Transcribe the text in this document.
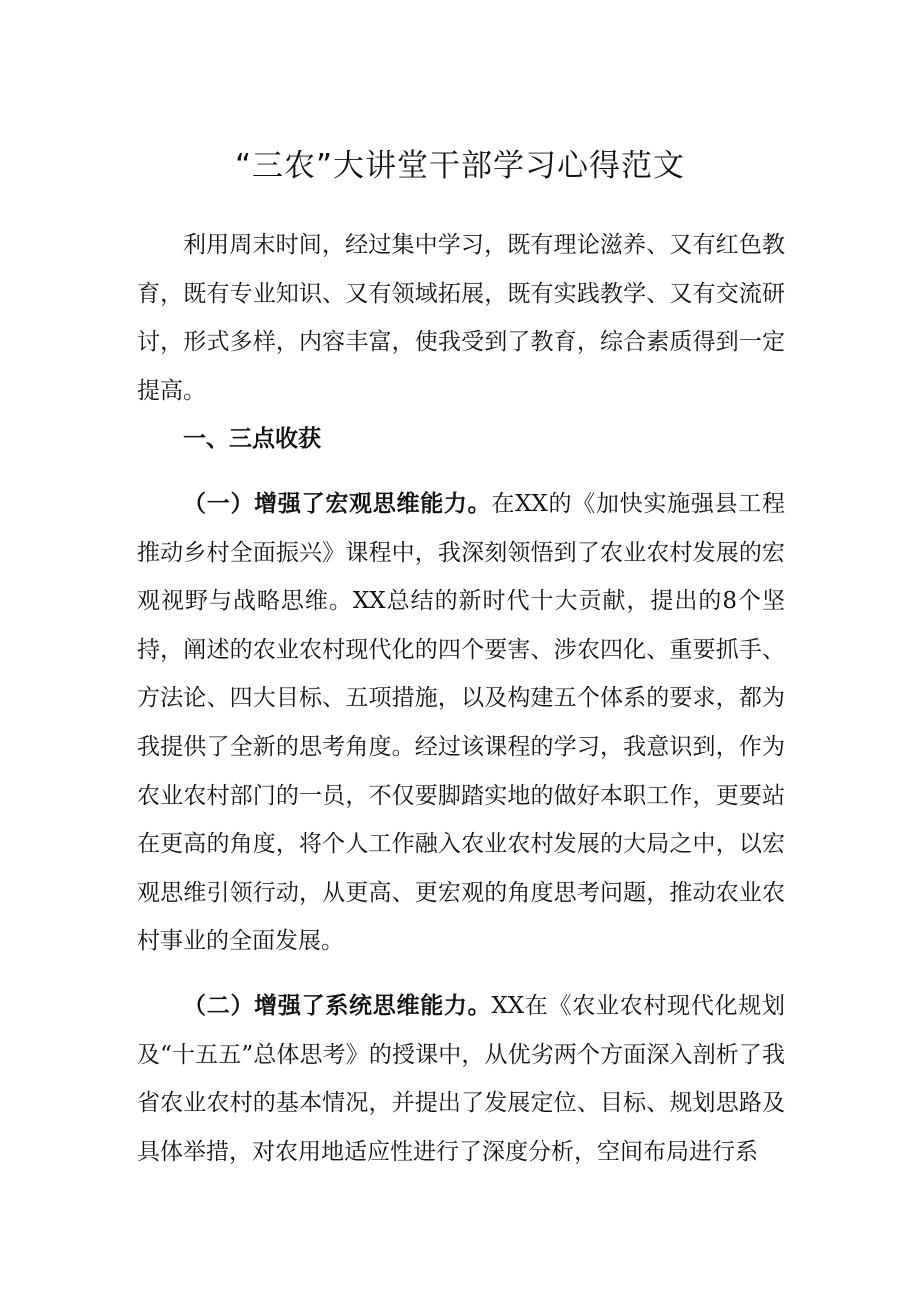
“三农”大讲堂干部学习心得范文

利用周末时间，经过集中学习，既有理论滋养、又有红色教育，既有专业知识、又有领域拓展，既有实践教学、又有交流研讨，形式多样，内容丰富，使我受到了教育，综合素质得到一定提高。

一、三点收获

（一）增强了宏观思维能力。在XX的《加快实施强县工程推动乡村全面振兴》课程中，我深刻领悟到了农业农村发展的宏观视野与战略思维。XX总结的新时代十大贡献，提出的8个坚持，阐述的农业农村现代化的四个要害、涉农四化、重要抓手、方法论、四大目标、五项措施，以及构建五个体系的要求，都为我提供了全新的思考角度。经过该课程的学习，我意识到，作为农业农村部门的一员，不仅要脚踏实地的做好本职工作，更要站在更高的角度，将个人工作融入农业农村发展的大局之中，以宏观思维引领行动，从更高、更宏观的角度思考问题，推动农业农村事业的全面发展。

（二）增强了系统思维能力。XX在《农业农村现代化规划及“十五五”总体思考》的授课中，从优劣两个方面深入剖析了我省农业农村的基本情况，并提出了发展定位、目标、规划思路及具体举措，对农用地适应性进行了深度分析，空间布局进行系
